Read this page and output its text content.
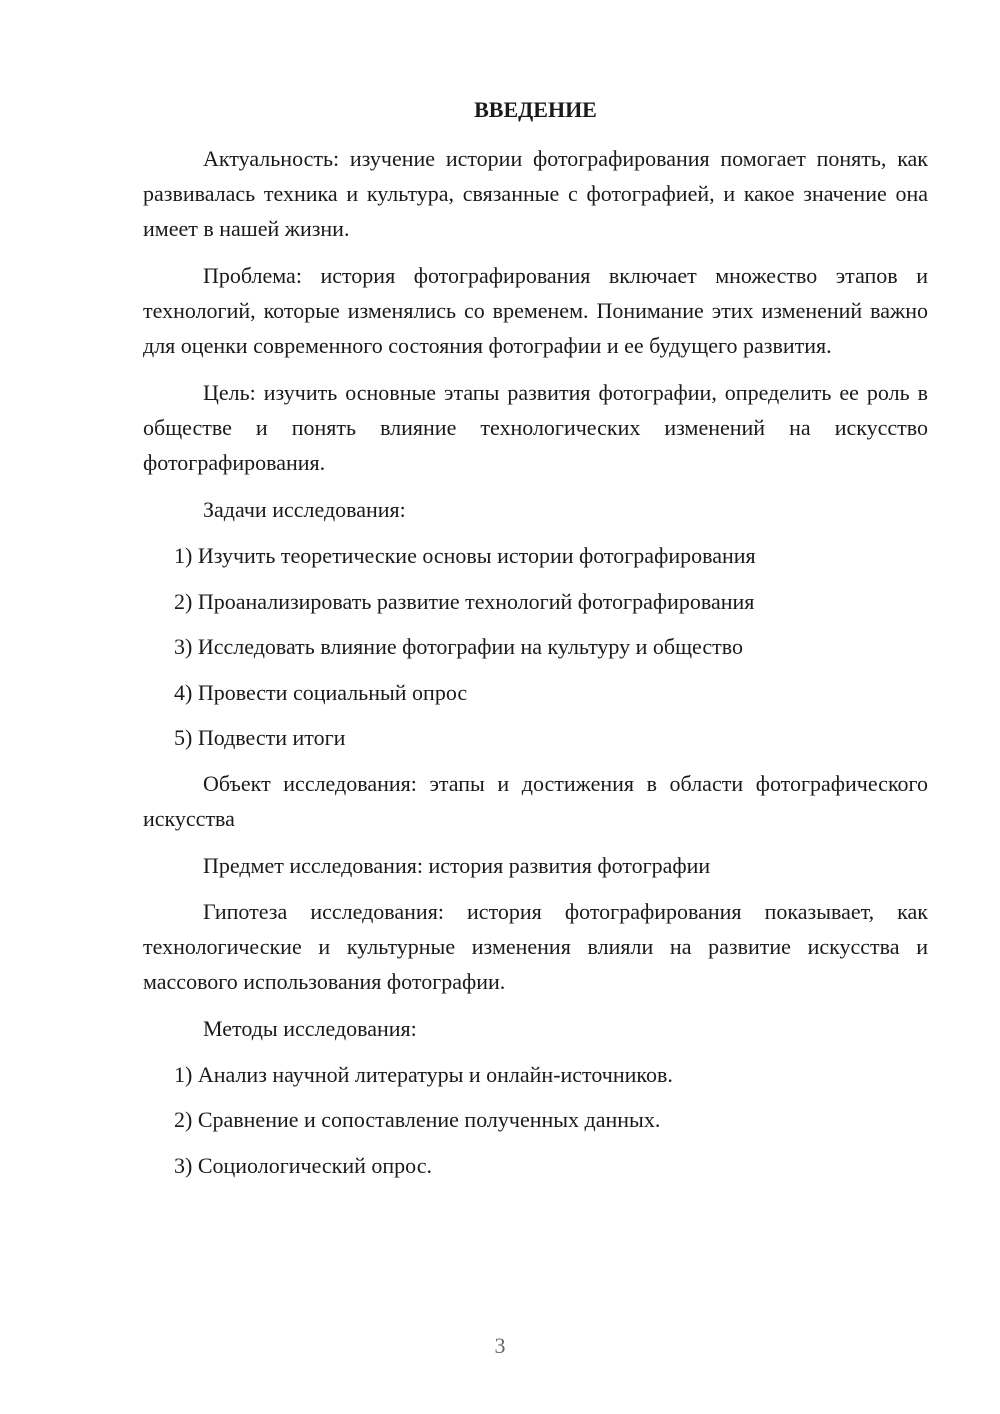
ВВЕДЕНИЕ

Актуальность: изучение истории фотографирования помогает понять, как развивалась техника и культура, связанные с фотографией, и какое значение она имеет в нашей жизни.

Проблема: история фотографирования включает множество этапов и технологий, которые изменялись со временем. Понимание этих изменений важно для оценки современного состояния фотографии и ее будущего развития.

Цель: изучить основные этапы развития фотографии, определить ее роль в обществе и понять влияние технологических изменений на искусство фотографирования.

Задачи исследования:

1) Изучить теоретические основы истории фотографирования
2) Проанализировать развитие технологий фотографирования
3) Исследовать влияние фотографии на культуру и общество
4) Провести социальный опрос
5) Подвести итоги

Объект исследования: этапы и достижения в области фотографического искусства

Предмет исследования: история развития фотографии

Гипотеза исследования: история фотографирования показывает, как технологические и культурные изменения влияли на развитие искусства и массового использования фотографии.

Методы исследования:

1) Анализ научной литературы и онлайн-источников.
2) Сравнение и сопоставление полученных данных.
3) Социологический опрос.
3
